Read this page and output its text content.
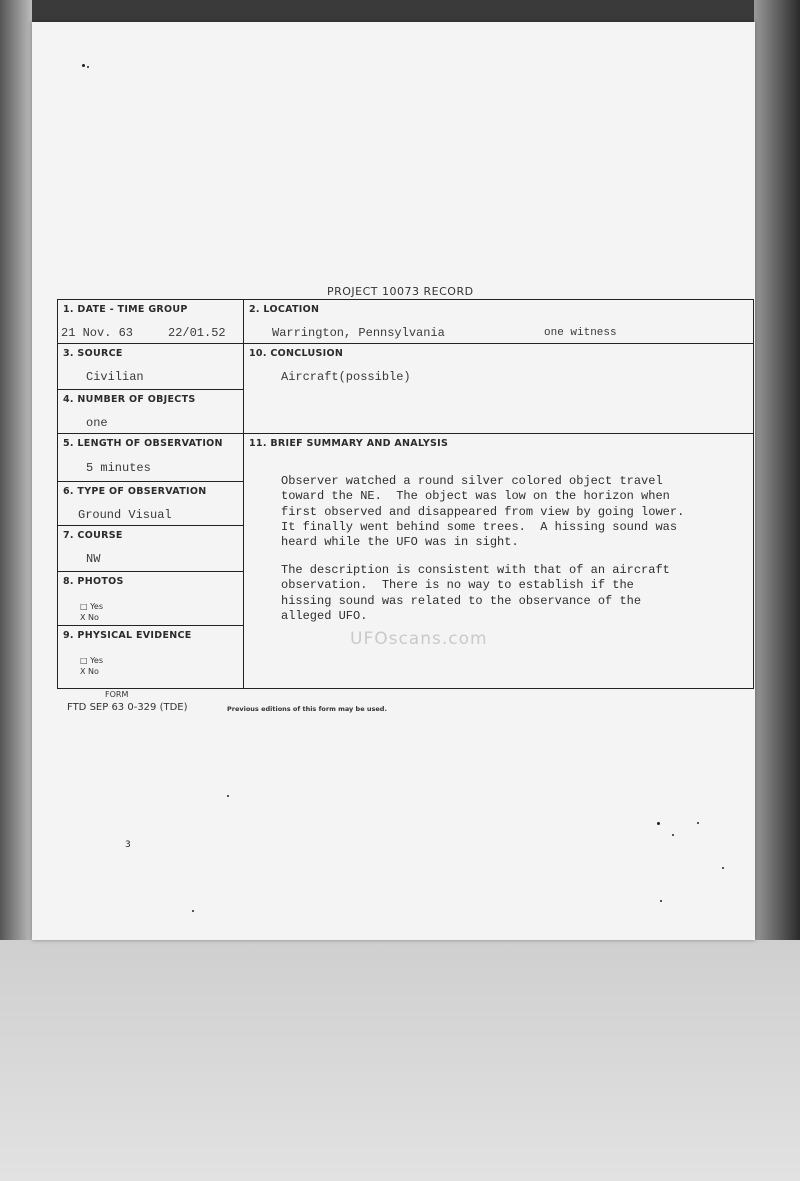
PROJECT 10073 RECORD
1. DATE - TIME GROUP
21 Nov. 63	22/01.52
2. LOCATION
Warrington, Pennsylvania	one witness
3. SOURCE
Civilian
4. NUMBER OF OBJECTS
one
5. LENGTH OF OBSERVATION
5 minutes
6. TYPE OF OBSERVATION
Ground Visual
7. COURSE
NW
8. PHOTOS
□ Yes
X No
9. PHYSICAL EVIDENCE
□ Yes
X No
10. CONCLUSION
Aircraft(possible)
11. BRIEF SUMMARY AND ANALYSIS
Observer watched a round silver colored object travel
toward the NE.  The object was low on the horizon when
first observed and disappeared from view by going lower.
It finally went behind some trees.  A hissing sound was
heard while the UFO was in sight.
The description is consistent with that of an aircraft
observation.  There is no way to establish if the
hissing sound was related to the observance of the
alleged UFO.
UFOscans.com
FORM
FTD SEP 63 0-329 (TDE)	Previous editions of this form may be used.
3
